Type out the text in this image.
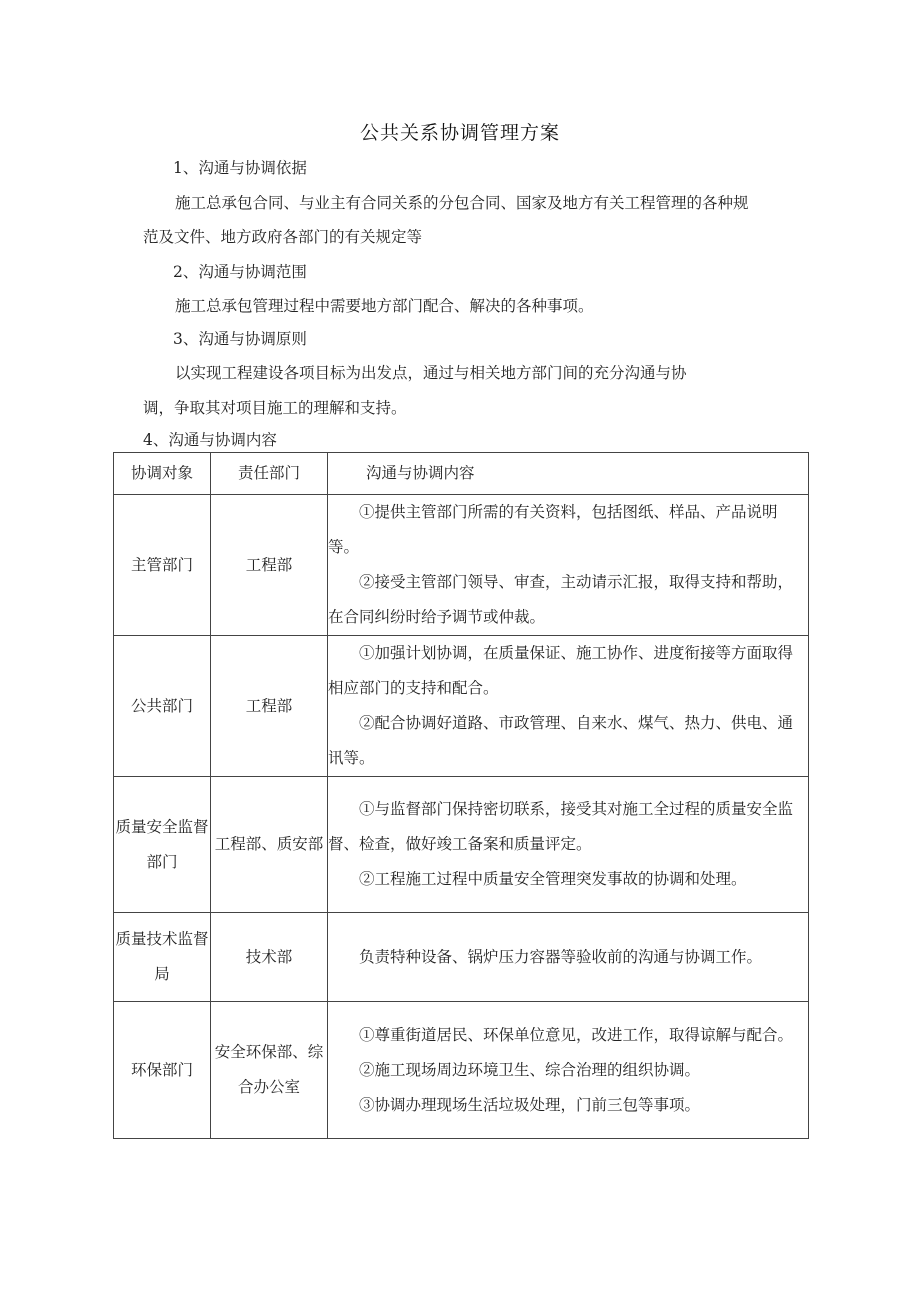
公共关系协调管理方案
1、沟通与协调依据
施工总承包合同、与业主有合同关系的分包合同、国家及地方有关工程管理的各种规
范及文件、地方政府各部门的有关规定等
2、沟通与协调范围
施工总承包管理过程中需要地方部门配合、解决的各种事项。
3、沟通与协调原则
以实现工程建设各项目标为出发点，通过与相关地方部门间的充分沟通与协
调，争取其对项目施工的理解和支持。
4、沟通与协调内容
协调对象	责任部门	沟通与协调内容
主管部门	工程部	①提供主管部门所需的有关资料，包括图纸、样品、产品说明等。

②接受主管部门领导、审查，主动请示汇报，取得支持和帮助，在合同纠纷时给予调节或仲裁。

公共部门	工程部	①加强计划协调，在质量保证、施工协作、进度衔接等方面取得相应部门的支持和配合。

②配合协调好道路、市政管理、自来水、煤气、热力、供电、通讯等。

质量安全监督部门	工程部、质安部	①与监督部门保持密切联系，接受其对施工全过程的质量安全监督、检查，做好竣工备案和质量评定。

②工程施工过程中质量安全管理突发事故的协调和处理。

质量技术监督局	技术部	负责特种设备、锅炉压力容器等验收前的沟通与协调工作。

环保部门	安全环保部、综合办公室	①尊重街道居民、环保单位意见，改进工作，取得谅解与配合。

②施工现场周边环境卫生、综合治理的组织协调。

③协调办理现场生活垃圾处理，门前三包等事项。
